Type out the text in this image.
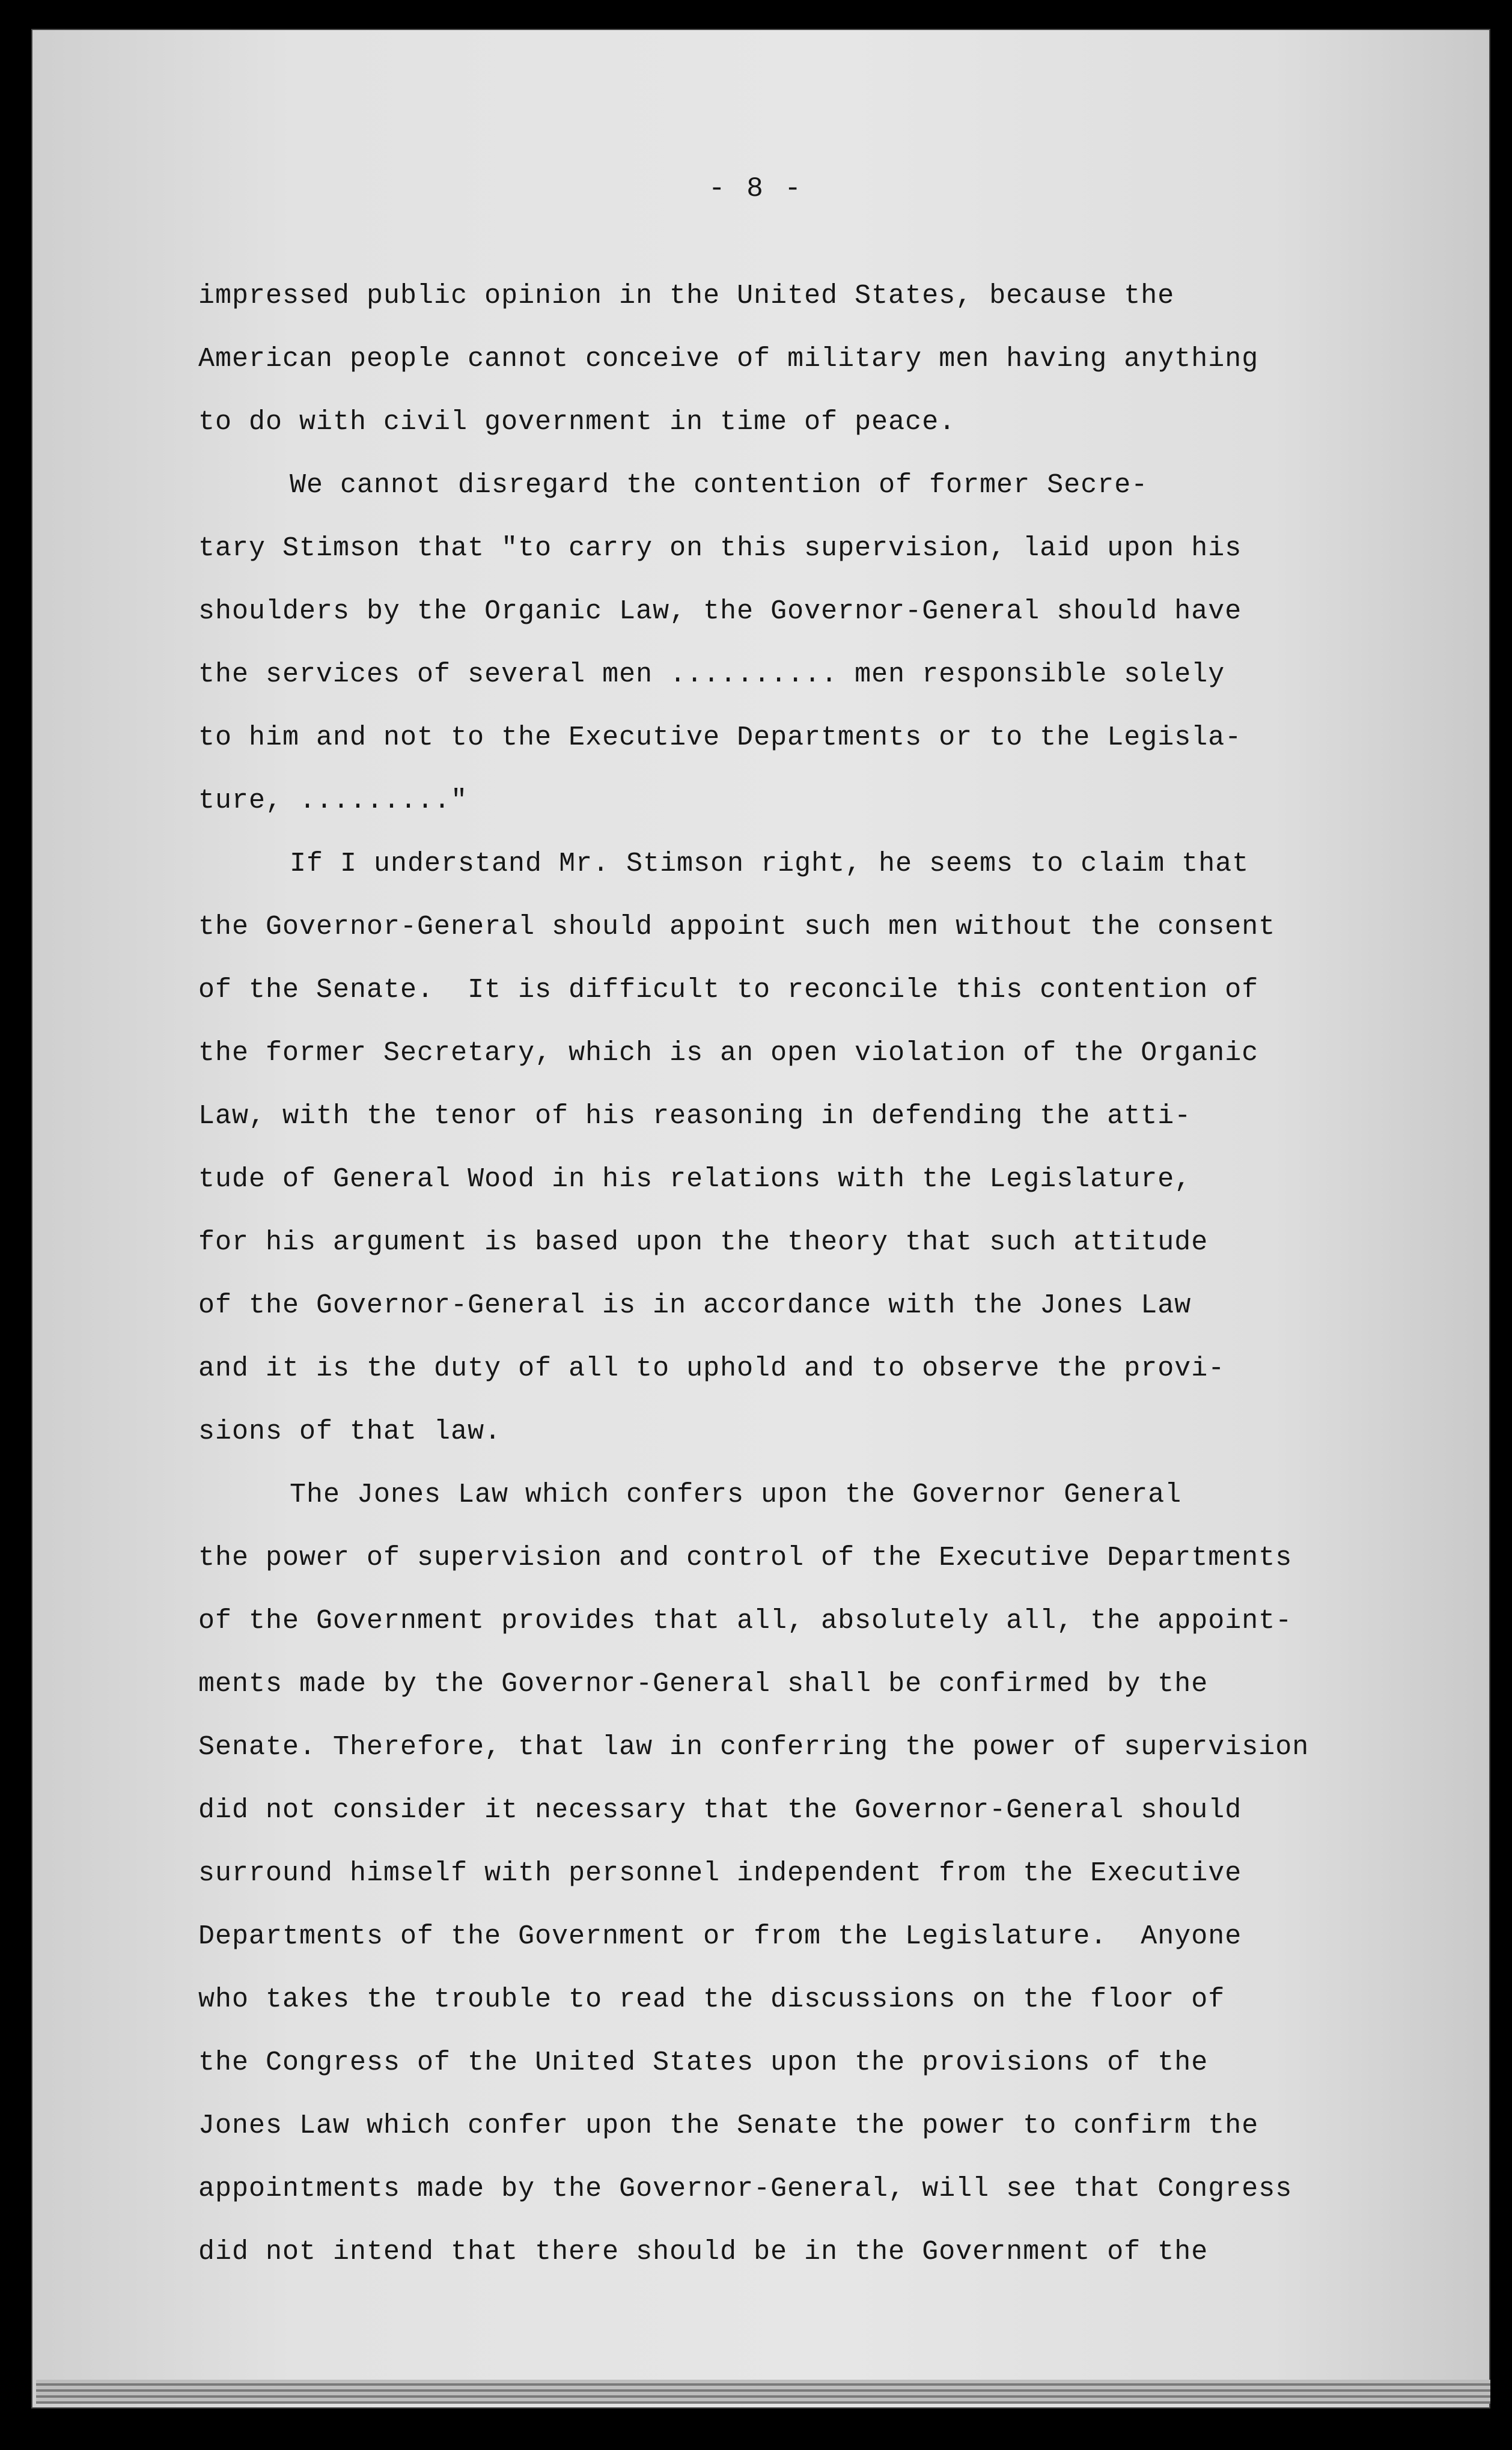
- 8 -
impressed public opinion in the United States, because the
American people cannot conceive of military men having anything
to do with civil government in time of peace.
We cannot disregard the contention of former Secre-
tary Stimson that "to carry on this supervision, laid upon his
shoulders by the Organic Law, the Governor-General should have
the services of several men .......... men responsible solely
to him and not to the Executive Departments or to the Legisla-
ture, ........."
If I understand Mr. Stimson right, he seems to claim that
the Governor-General should appoint such men without the consent
of the Senate.  It is difficult to reconcile this contention of
the former Secretary, which is an open violation of the Organic
Law, with the tenor of his reasoning in defending the atti-
tude of General Wood in his relations with the Legislature,
for his argument is based upon the theory that such attitude
of the Governor-General is in accordance with the Jones Law
and it is the duty of all to uphold and to observe the provi-
sions of that law.
The Jones Law which confers upon the Governor General
the power of supervision and control of the Executive Departments
of the Government provides that all, absolutely all, the appoint-
ments made by the Governor-General shall be confirmed by the
Senate. Therefore, that law in conferring the power of supervision
did not consider it necessary that the Governor-General should
surround himself with personnel independent from the Executive
Departments of the Government or from the Legislature.  Anyone
who takes the trouble to read the discussions on the floor of
the Congress of the United States upon the provisions of the
Jones Law which confer upon the Senate the power to confirm the
appointments made by the Governor-General, will see that Congress
did not intend that there should be in the Government of the
